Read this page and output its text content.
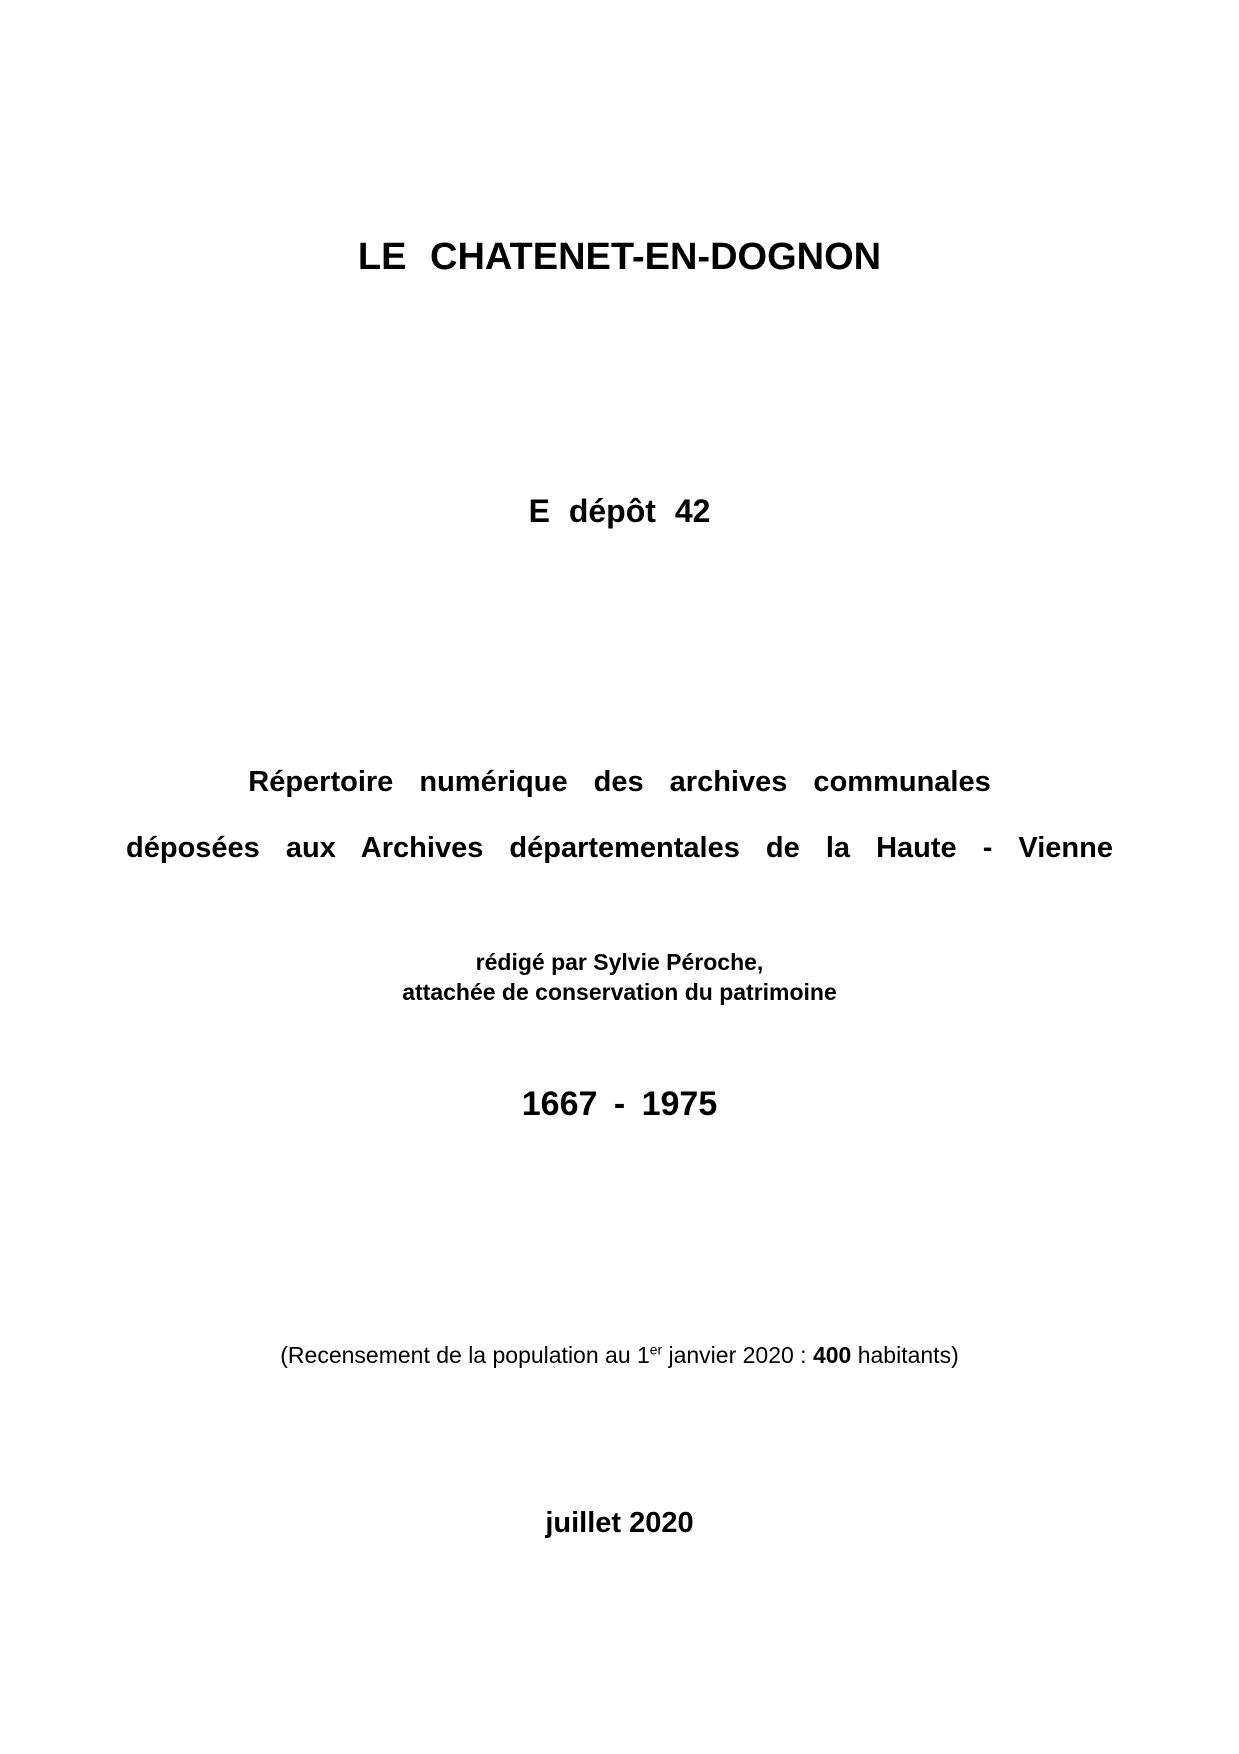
LE CHATENET-EN-DOGNON
E dépôt 42
Répertoire numérique des archives communales
déposées aux Archives départementales de la Haute - Vienne
rédigé par Sylvie Péroche,
attachée de conservation du patrimoine
1667 - 1975

(Recensement de la population au 1er janvier 2020 : 400 habitants)

juillet 2020
